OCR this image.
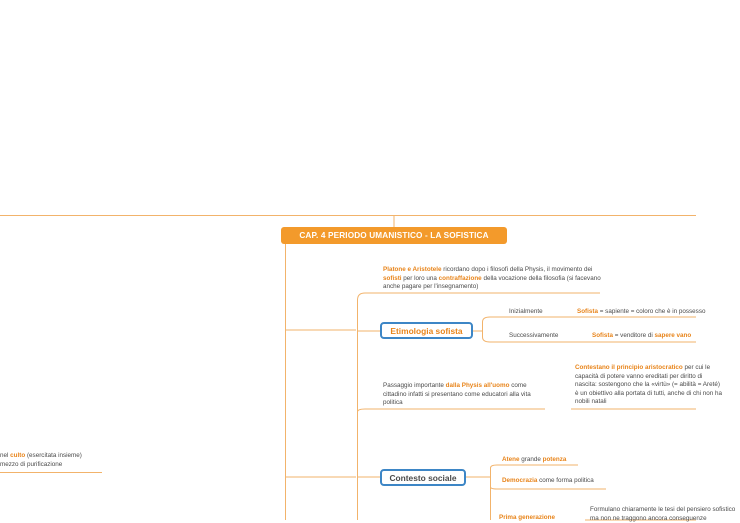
CAP. 4 PERIODO UMANISTICO - LA SOFISTICA
Platone e Aristotele ricordano dopo i filosofi della Physis, il movimento dei sofisti per loro una contraffazione della vocazione della filosofia (si facevano anche pagare per l'insegnamento)
Etimologia sofista
Inizialmente	Sofista = sapiente = coloro che è in possesso
Successivamente	Sofista = venditore di sapere vano
Passaggio importante dalla Physis all'uomo come cittadino infatti si presentano come educatori alla vita politica
Contestano il principio aristocratico per cui le capacità di potere vanno ereditati per diritto di nascita: sostengono che la «virtù» (= abilità = Areté) è un obiettivo alla portata di tutti, anche di chi non ha nobili natali
Contesto sociale
Atene grande potenza
Democrazia come forma politica
Prima generazione
Formulano chiaramente le tesi del pensiero sofistico ma non ne traggono ancora conseguenze
nel culto (esercitata insieme)
mezzo di purificazione
